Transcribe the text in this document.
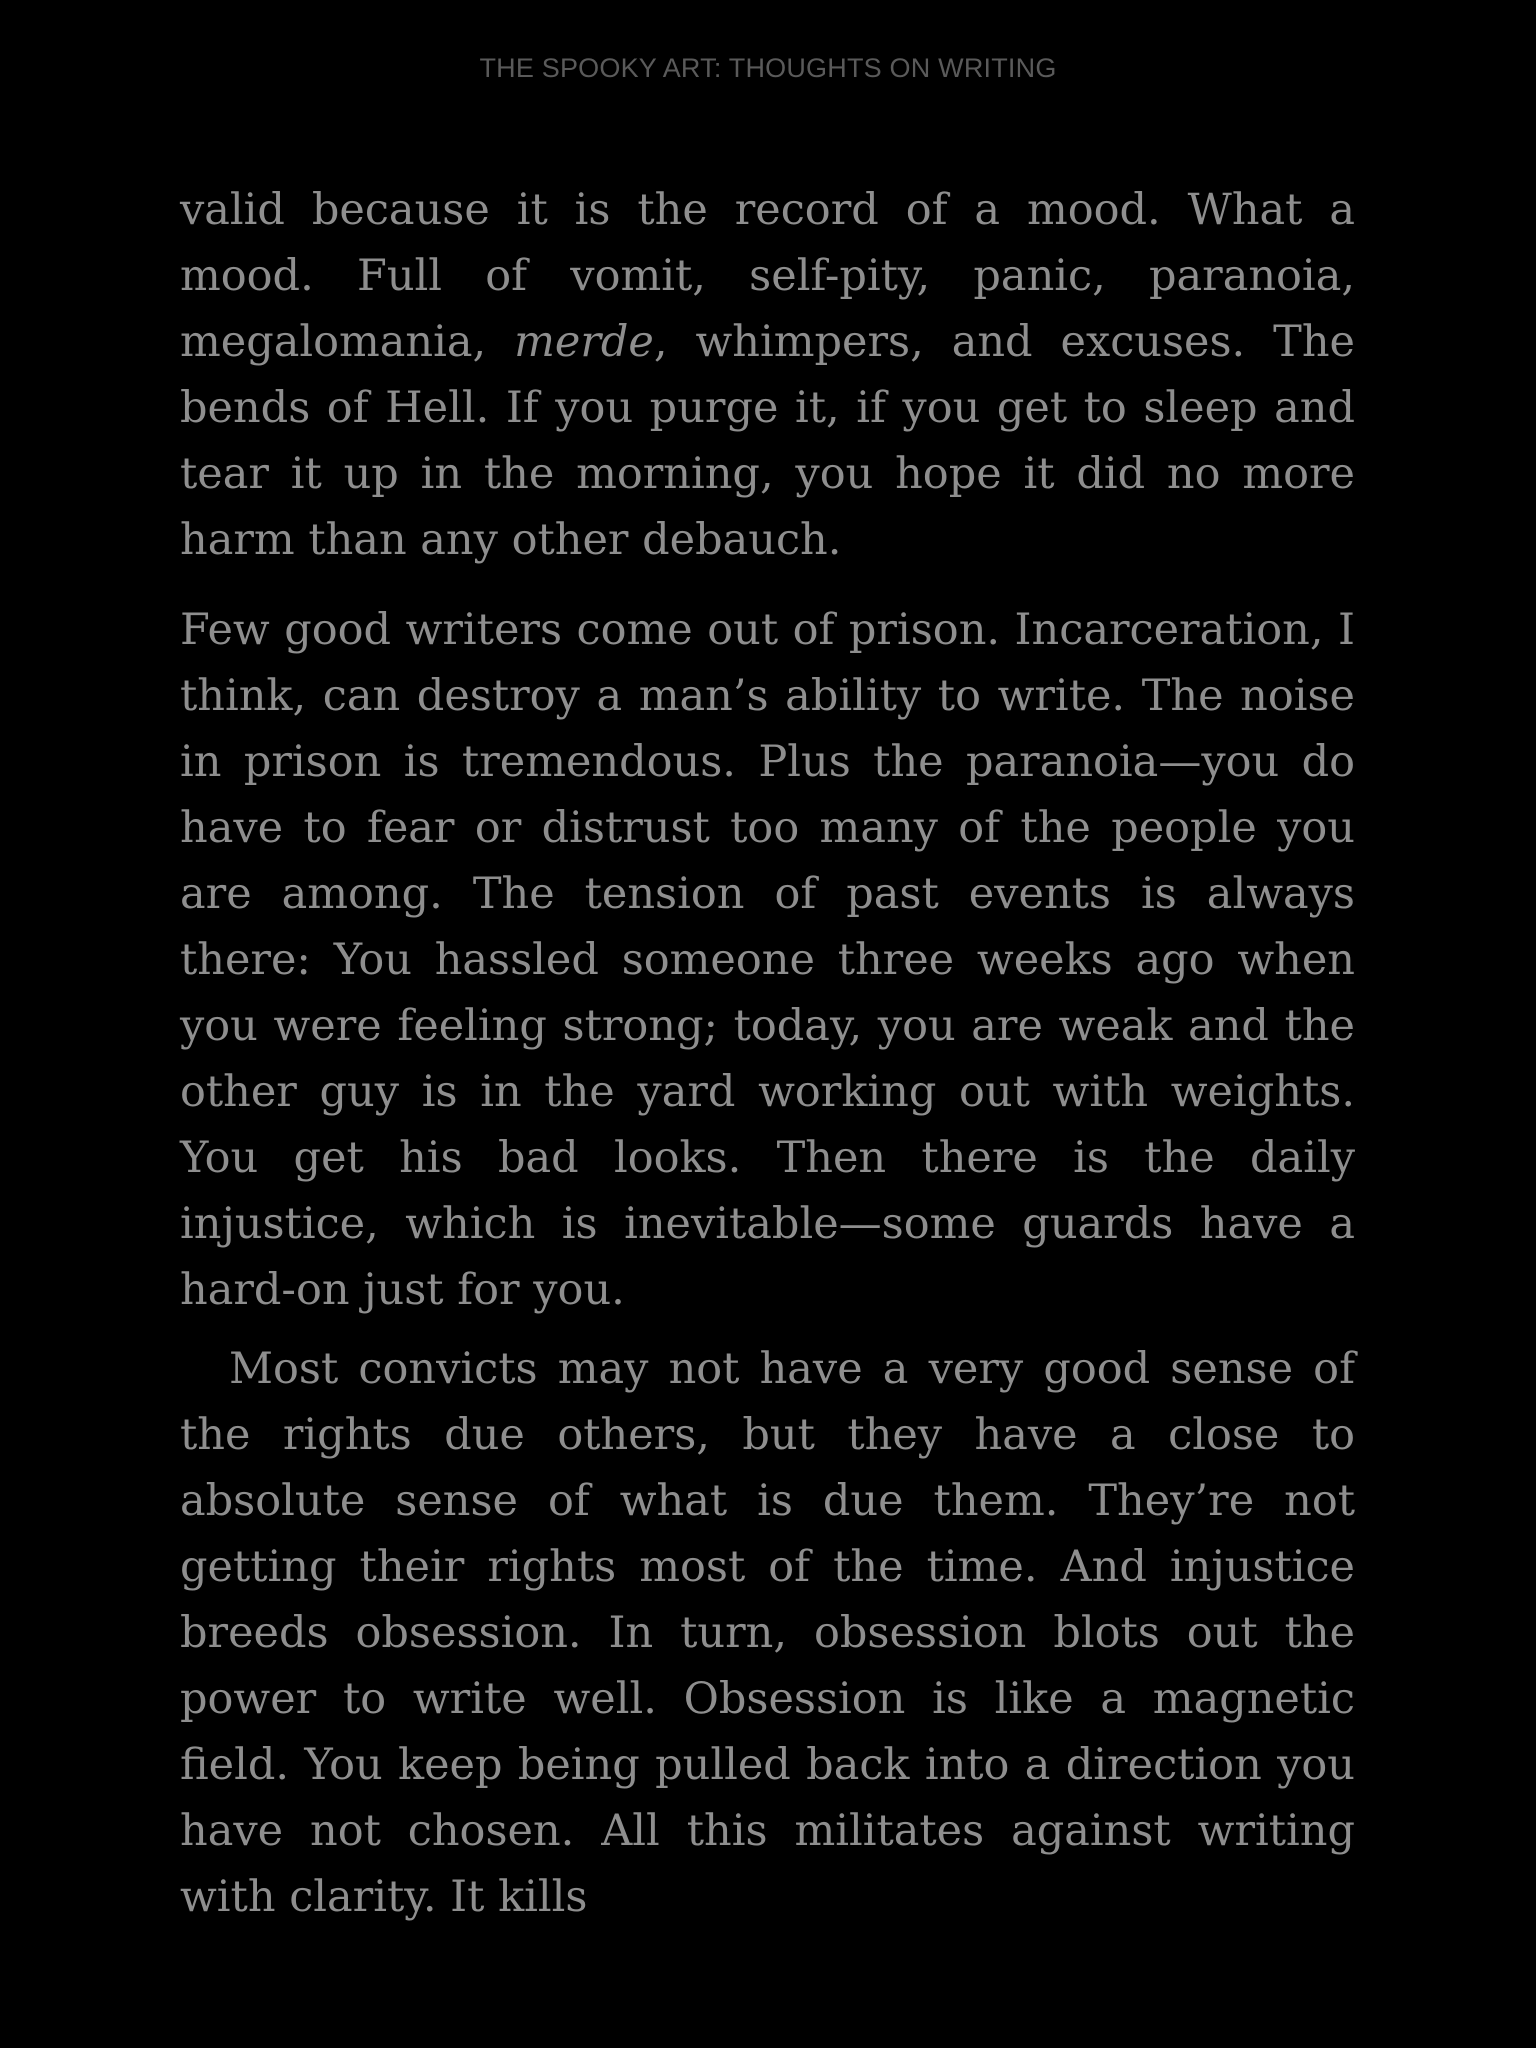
THE SPOOKY ART: THOUGHTS ON WRITING

valid because it is the record of a mood. What a mood. Full of vomit, self-pity, panic, paranoia, megalomania, merde, whimpers, and excuses. The bends of Hell. If you purge it, if you get to sleep and tear it up in the morning, you hope it did no more harm than any other debauch.

Few good writers come out of prison. Incarceration, I think, can destroy a man’s ability to write. The noise in prison is tremendous. Plus the paranoia—you do have to fear or distrust too many of the people you are among. The tension of past events is always there: You hassled someone three weeks ago when you were feeling strong; today, you are weak and the other guy is in the yard working out with weights. You get his bad looks. Then there is the daily injustice, which is inevitable—some guards have a hard-on just for you.

Most convicts may not have a very good sense of the rights due others, but they have a close to absolute sense of what is due them. They’re not getting their rights most of the time. And injustice breeds obsession. In turn, obsession blots out the power to write well. Obsession is like a magnetic field. You keep being pulled back into a direction you have not chosen. All this militates against writing with clarity. It kills
